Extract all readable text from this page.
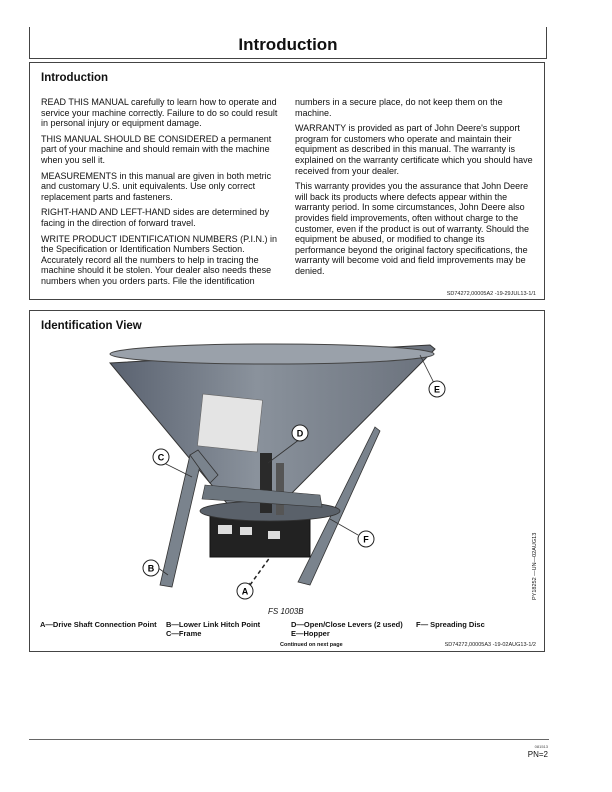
Introduction
Introduction

READ THIS MANUAL carefully to learn how to operate and service your machine correctly. Failure to do so could result in personal injury or equipment damage.

THIS MANUAL SHOULD BE CONSIDERED a permanent part of your machine and should remain with the machine when you sell it.

MEASUREMENTS in this manual are given in both metric and customary U.S. unit equivalents. Use only correct replacement parts and fasteners.

RIGHT-HAND AND LEFT-HAND sides are determined by facing in the direction of forward travel.

WRITE PRODUCT IDENTIFICATION NUMBERS (P.I.N.) in the Specification or Identification Numbers Section. Accurately record all the numbers to help in tracing the machine should it be stolen. Your dealer also needs these numbers when you orders parts. File the identification

numbers in a secure place, do not keep them on the machine.

WARRANTY is provided as part of John Deere's support program for customers who operate and maintain their equipment as described in this manual. The warranty is explained on the warranty certificate which you should have received from your dealer.

This warranty provides you the assurance that John Deere will back its products where defects appear within the warranty period. In some circumstances, John Deere also provides field improvements, often without charge to the customer, even if the product is out of warranty. Should the equipment be abused, or modified to change its performance beyond the original factory specifications, the warranty will become void and field improvements may be denied.

SD74272,00005A2 -19-29JUL13-1/1
Identification View
SD74272,00005A3 -19-02AUG13-1/2
E
D
C
F
B
A
FS 1003B
PY18252 —UN—02AUG13
A—Drive Shaft Connection Point B—Lower Link Hitch Point
C—Frame
D—Open/Close Levers (2 used)
E—Hopper
F— Spreading Disc
Continued on next page
081513
PN=2
